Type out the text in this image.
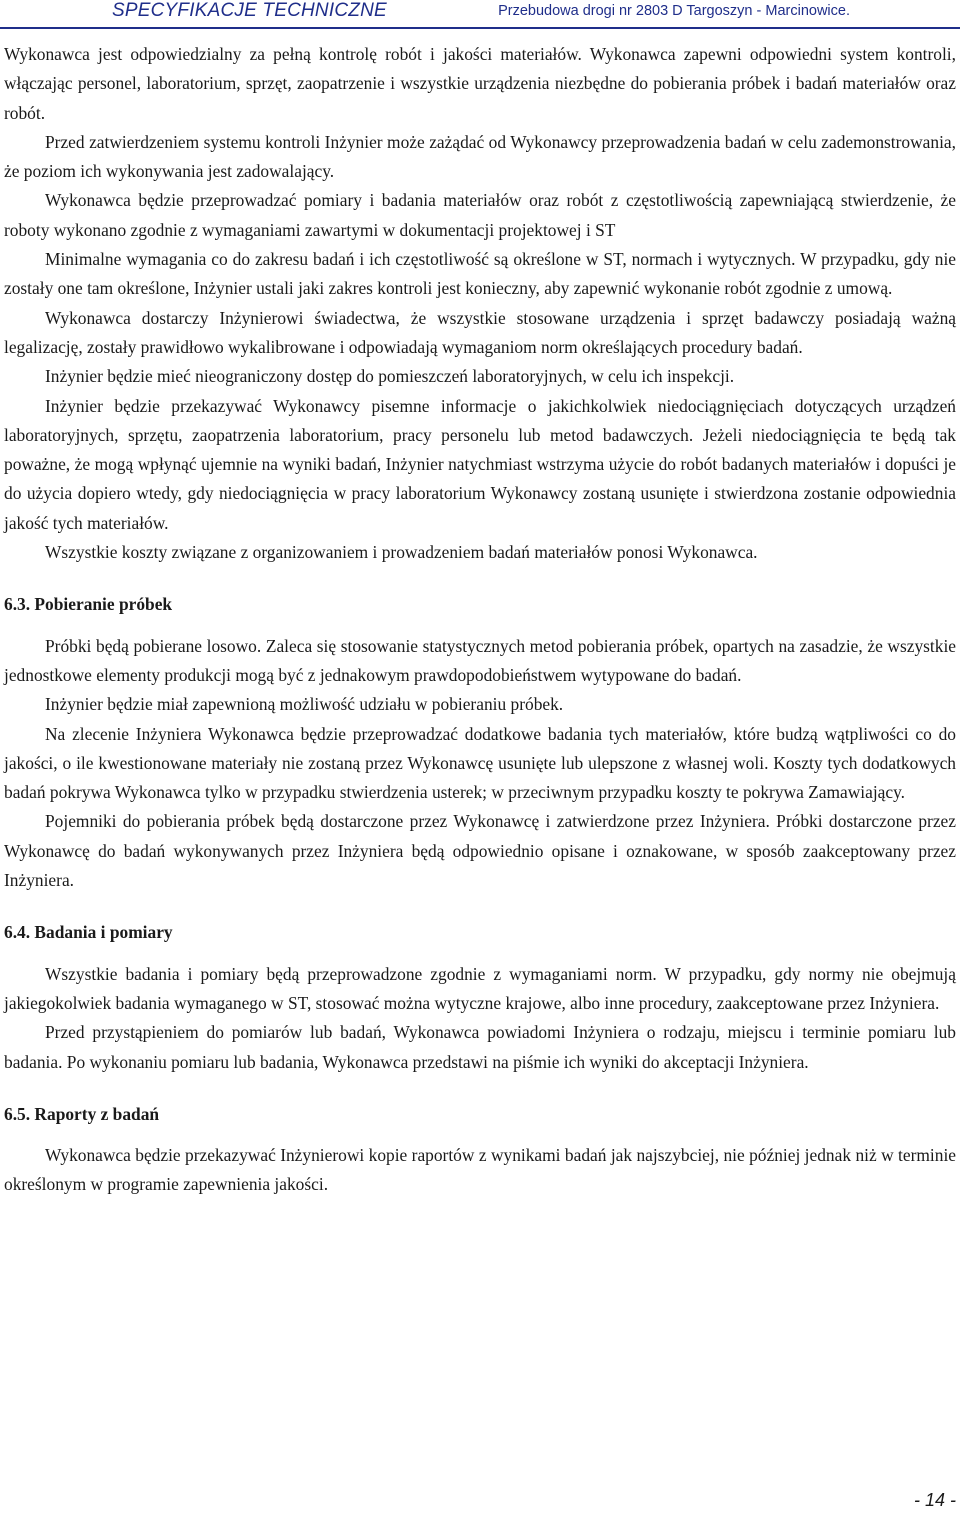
SPECYFIKACJE TECHNICZNE	Przebudowa drogi nr 2803 D Targoszyn - Marcinowice.

Wykonawca jest odpowiedzialny za pełną kontrolę robót i jakości materiałów. Wykonawca zapewni odpowiedni system kontroli, włączając personel, laboratorium, sprzęt, zaopatrzenie i wszystkie urządzenia niezbędne do pobierania próbek i badań materiałów oraz robót.

Przed zatwierdzeniem systemu kontroli Inżynier może zażądać od Wykonawcy przeprowadzenia badań w celu zademonstrowania, że poziom ich wykonywania jest zadowalający.

Wykonawca będzie przeprowadzać pomiary i badania materiałów oraz robót z częstotliwością zapewniającą stwierdzenie, że roboty wykonano zgodnie z wymaganiami zawartymi w dokumentacji projektowej i ST

Minimalne wymagania co do zakresu badań i ich częstotliwość są określone w ST, normach i wytycznych. W przypadku, gdy nie zostały one tam określone, Inżynier ustali jaki zakres kontroli jest konieczny, aby zapewnić wykonanie robót zgodnie z umową.

Wykonawca dostarczy Inżynierowi świadectwa, że wszystkie stosowane urządzenia i sprzęt badawczy posiadają ważną legalizację, zostały prawidłowo wykalibrowane i odpowiadają wymaganiom norm określających procedury badań.

Inżynier będzie mieć nieograniczony dostęp do pomieszczeń laboratoryjnych, w celu ich inspekcji.

Inżynier będzie przekazywać Wykonawcy pisemne informacje o jakichkolwiek niedociągnięciach dotyczących urządzeń laboratoryjnych, sprzętu, zaopatrzenia laboratorium, pracy personelu lub metod badawczych. Jeżeli niedociągnięcia te będą tak poważne, że mogą wpłynąć ujemnie na wyniki badań, Inżynier natychmiast wstrzyma użycie do robót badanych materiałów i dopuści je do użycia dopiero wtedy, gdy niedociągnięcia w pracy laboratorium Wykonawcy zostaną usunięte i stwierdzona zostanie odpowiednia jakość tych materiałów.

Wszystkie koszty związane z organizowaniem i prowadzeniem badań materiałów ponosi Wykonawca.

6.3. Pobieranie próbek

Próbki będą pobierane losowo. Zaleca się stosowanie statystycznych metod pobierania próbek, opartych na zasadzie, że wszystkie jednostkowe elementy produkcji mogą być z jednakowym prawdopodobieństwem wytypowane do badań.

Inżynier będzie miał zapewnioną możliwość udziału w pobieraniu próbek.

Na zlecenie Inżyniera Wykonawca będzie przeprowadzać dodatkowe badania tych materiałów, które budzą wątpliwości co do jakości, o ile kwestionowane materiały nie zostaną przez Wykonawcę usunięte lub ulepszone z własnej woli. Koszty tych dodatkowych badań pokrywa Wykonawca tylko w przypadku stwierdzenia usterek; w przeciwnym przypadku koszty te pokrywa Zamawiający.

Pojemniki do pobierania próbek będą dostarczone przez Wykonawcę i zatwierdzone przez Inżyniera. Próbki dostarczone przez Wykonawcę do badań wykonywanych przez Inżyniera będą odpowiednio opisane i oznakowane, w sposób zaakceptowany przez Inżyniera.

6.4. Badania i pomiary

Wszystkie badania i pomiary będą przeprowadzone zgodnie z wymaganiami norm. W przypadku, gdy normy nie obejmują jakiegokolwiek badania wymaganego w ST, stosować można wytyczne krajowe, albo inne procedury, zaakceptowane przez Inżyniera.

Przed przystąpieniem do pomiarów lub badań, Wykonawca powiadomi Inżyniera o rodzaju, miejscu i terminie pomiaru lub badania. Po wykonaniu pomiaru lub badania, Wykonawca przedstawi na piśmie ich wyniki do akceptacji Inżyniera.

6.5. Raporty z badań

Wykonawca będzie przekazywać Inżynierowi kopie raportów z wynikami badań jak najszybciej, nie później jednak niż w terminie określonym w programie zapewnienia jakości.

- 14 -
